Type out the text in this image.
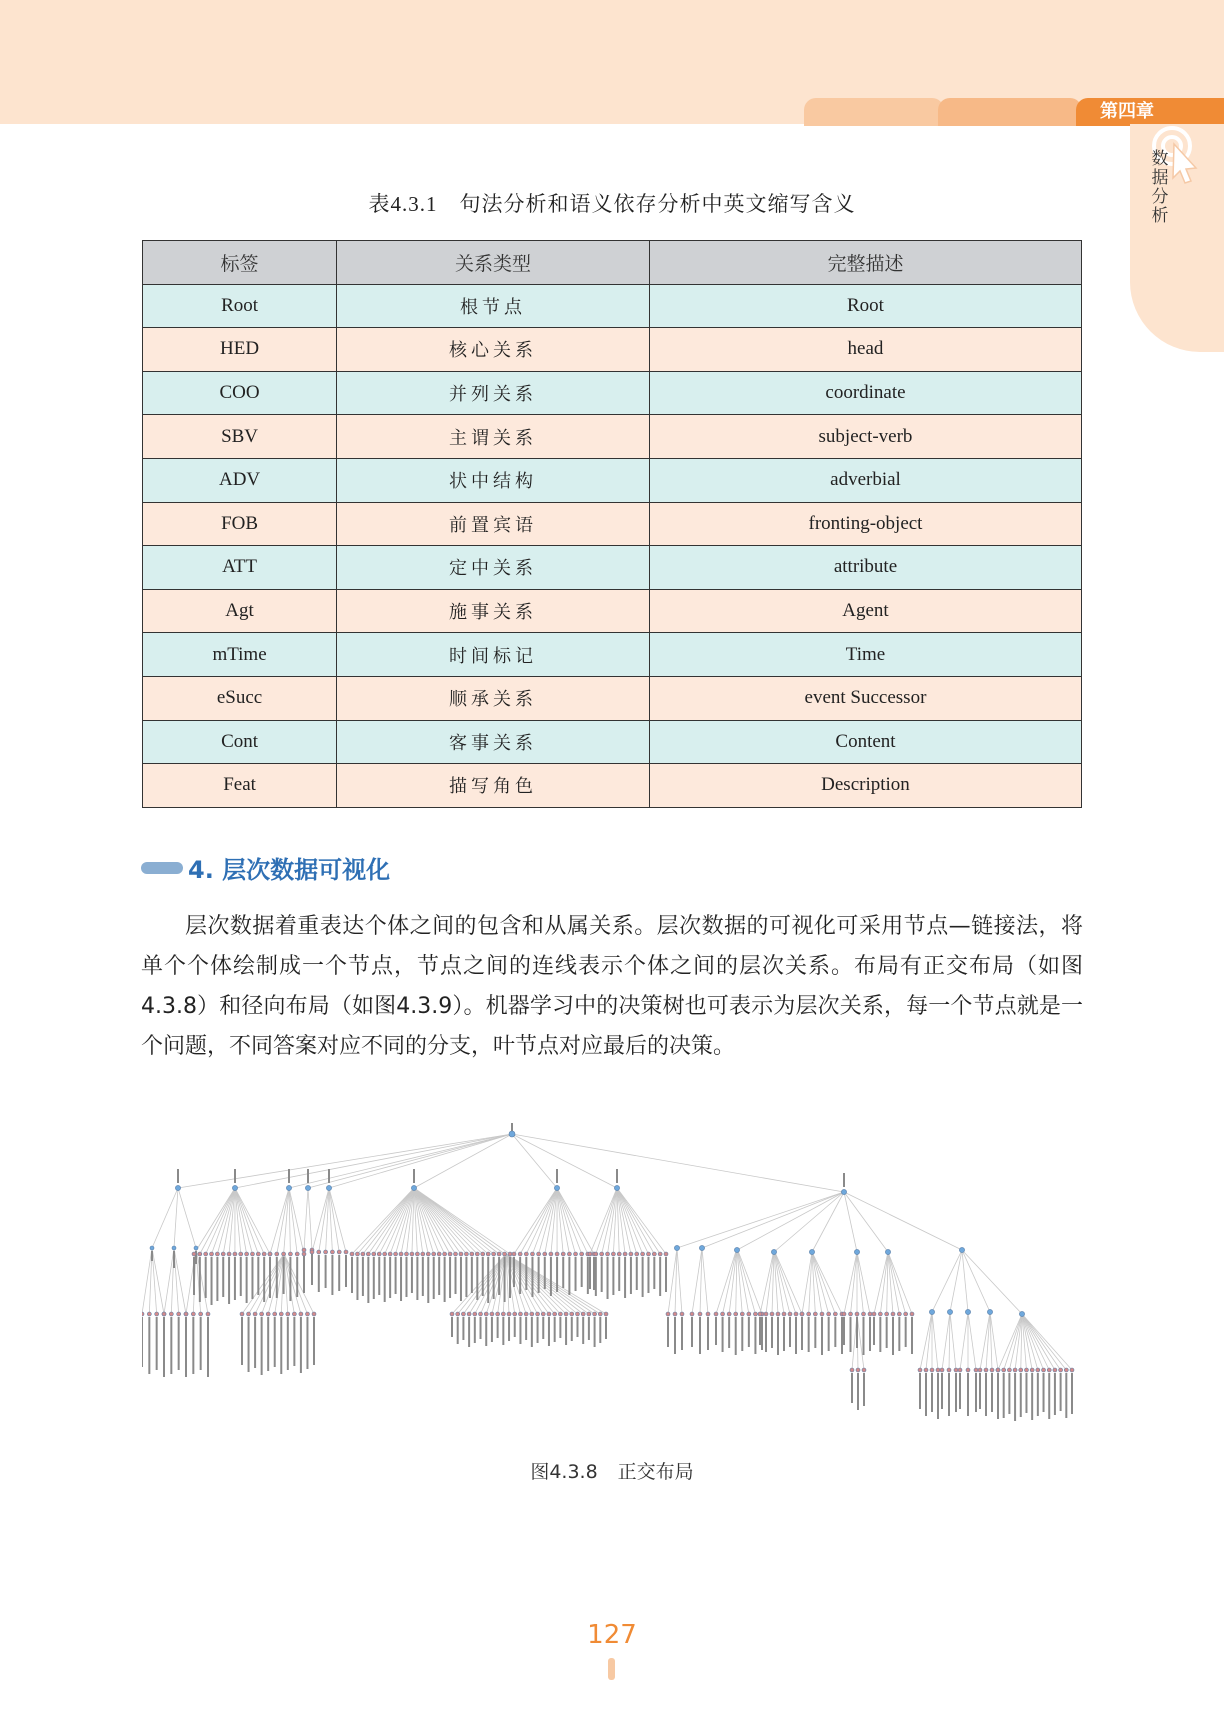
第四章
数据分析
表4.3.1 句法分析和语义依存分析中英文缩写含义
标签	关系类型	完整描述
Root	根节点	Root
HED	核心关系	head
COO	并列关系	coordinate
SBV	主谓关系	subject-verb
ADV	状中结构	adverbial
FOB	前置宾语	fronting-object
ATT	定中关系	attribute
Agt	施事关系	Agent
mTime	时间标记	Time
eSucc	顺承关系	event Successor
Cont	客事关系	Content
Feat	描写角色	Description
4. 层次数据可视化

层次数据着重表达个体之间的包含和从属关系。层次数据的可视化可采用节点—链接法，将单个个体绘制成一个节点，节点之间的连线表示个体之间的层次关系。布局有正交布局（如图4.3.8）和径向布局（如图4.3.9）。机器学习中的决策树也可表示为层次关系，每一个节点就是一个问题，不同答案对应不同的分支，叶节点对应最后的决策。

图4.3.8 正交布局
127
